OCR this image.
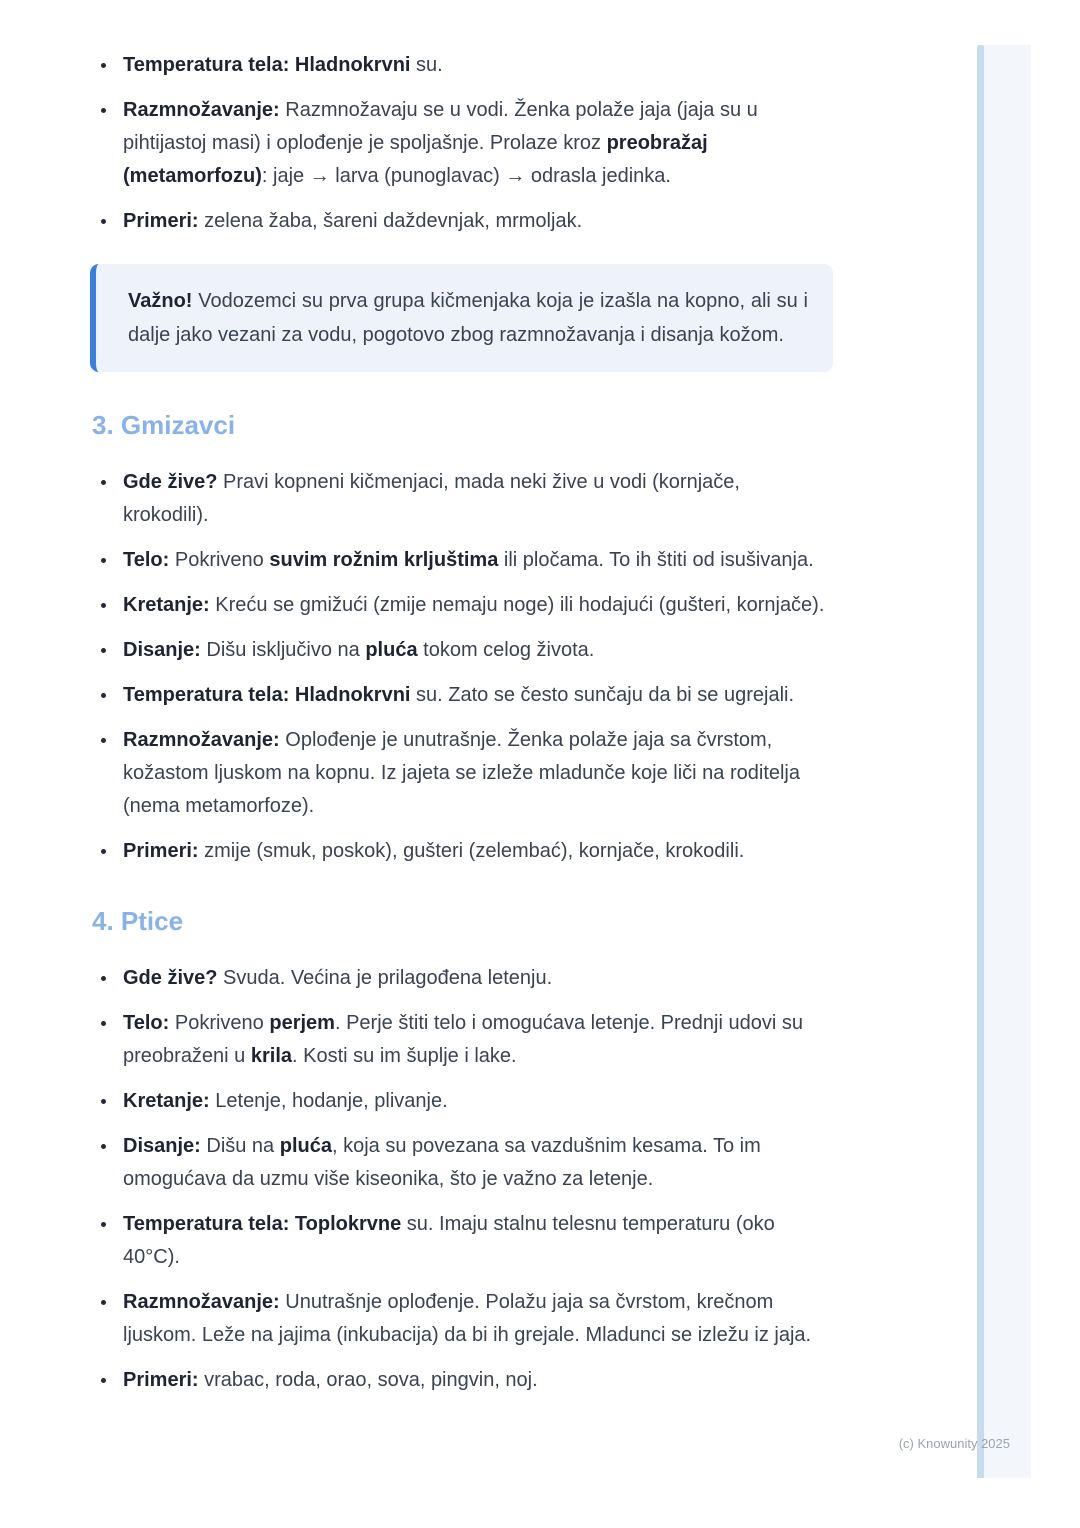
Temperatura tela: Hladnokrvni su.
Razmnožavanje: Razmnožavaju se u vodi. Ženka polaže jaja (jaja su u pihtijastoj masi) i oplođenje je spoljašnje. Prolaze kroz preobražaj (metamorfozu): jaje → larva (punoglavac) → odrasla jedinka.
Primeri: zelena žaba, šareni daždevnjak, mrmoljak.

Važno! Vodozemci su prva grupa kičmenjaka koja je izašla na kopno, ali su i dalje jako vezani za vodu, pogotovo zbog razmnožavanja i disanja kožom.

3. Gmizavci
Gde žive? Pravi kopneni kičmenjaci, mada neki žive u vodi (kornjače, krokodili).
Telo: Pokriveno suvim rožnim krljuštima ili pločama. To ih štiti od isušivanja.
Kretanje: Kreću se gmižući (zmije nemaju noge) ili hodajući (gušteri, kornjače).
Disanje: Dišu isključivo na pluća tokom celog života.
Temperatura tela: Hladnokrvni su. Zato se često sunčaju da bi se ugrejali.
Razmnožavanje: Oplođenje je unutrašnje. Ženka polaže jaja sa čvrstom, kožastom ljuskom na kopnu. Iz jajeta se izleže mladunče koje liči na roditelja (nema metamorfoze).
Primeri: zmije (smuk, poskok), gušteri (zelembać), kornjače, krokodili.
4. Ptice
Gde žive? Svuda. Većina je prilagođena letenju.
Telo: Pokriveno perjem. Perje štiti telo i omogućava letenje. Prednji udovi su preobraženi u krila. Kosti su im šuplje i lake.
Kretanje: Letenje, hodanje, plivanje.
Disanje: Dišu na pluća, koja su povezana sa vazdušnim kesama. To im omogućava da uzmu više kiseonika, što je važno za letenje.
Temperatura tela: Toplokrvne su. Imaju stalnu telesnu temperaturu (oko 40°C).
Razmnožavanje: Unutrašnje oplođenje. Polažu jaja sa čvrstom, krečnom ljuskom. Leže na jajima (inkubacija) da bi ih grejale. Mladunci se izležu iz jaja.
Primeri: vrabac, roda, orao, sova, pingvin, noj.
(c) Knowunity 2025
